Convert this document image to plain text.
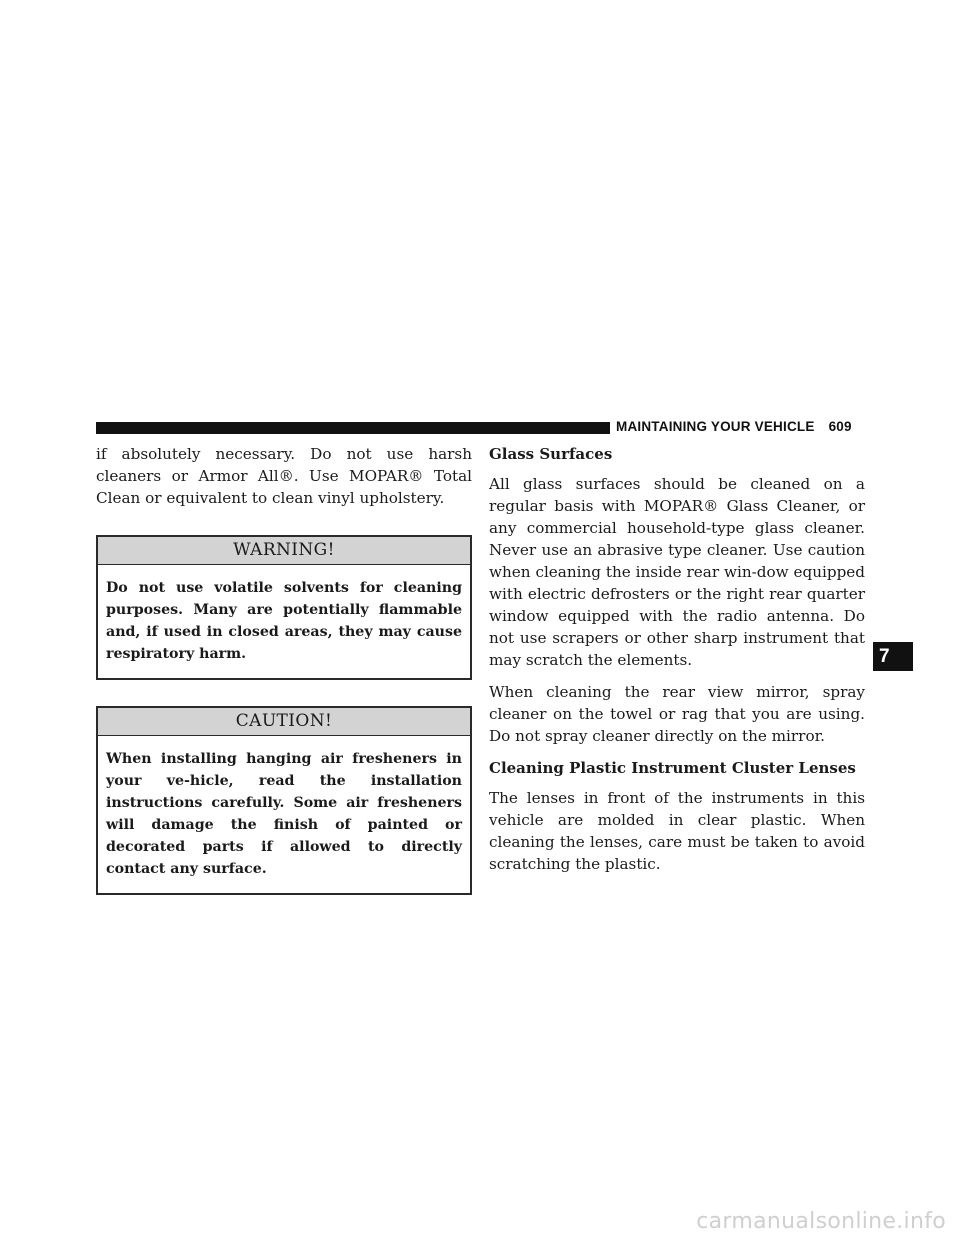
MAINTAINING YOUR VEHICLE 609

if absolutely necessary. Do not use harsh cleaners or Armor All®. Use MOPAR® Total Clean or equivalent to clean vinyl upholstery.

WARNING!
Do not use volatile solvents for cleaning purposes. Many are potentially flammable and, if used in closed areas, they may cause respiratory harm.
CAUTION!
When installing hanging air fresheners in your ve-hicle, read the installation instructions carefully. Some air fresheners will damage the finish of painted or decorated parts if allowed to directly contact any surface.
Glass Surfaces

All glass surfaces should be cleaned on a regular basis with MOPAR® Glass Cleaner, or any commercial household-type glass cleaner. Never use an abrasive type cleaner. Use caution when cleaning the inside rear win-dow equipped with electric defrosters or the right rear quarter window equipped with the radio antenna. Do not use scrapers or other sharp instrument that may scratch the elements.

When cleaning the rear view mirror, spray cleaner on the towel or rag that you are using. Do not spray cleaner directly on the mirror.

Cleaning Plastic Instrument Cluster Lenses

The lenses in front of the instruments in this vehicle are molded in clear plastic. When cleaning the lenses, care must be taken to avoid scratching the plastic.

7
carmanualsonline.info
